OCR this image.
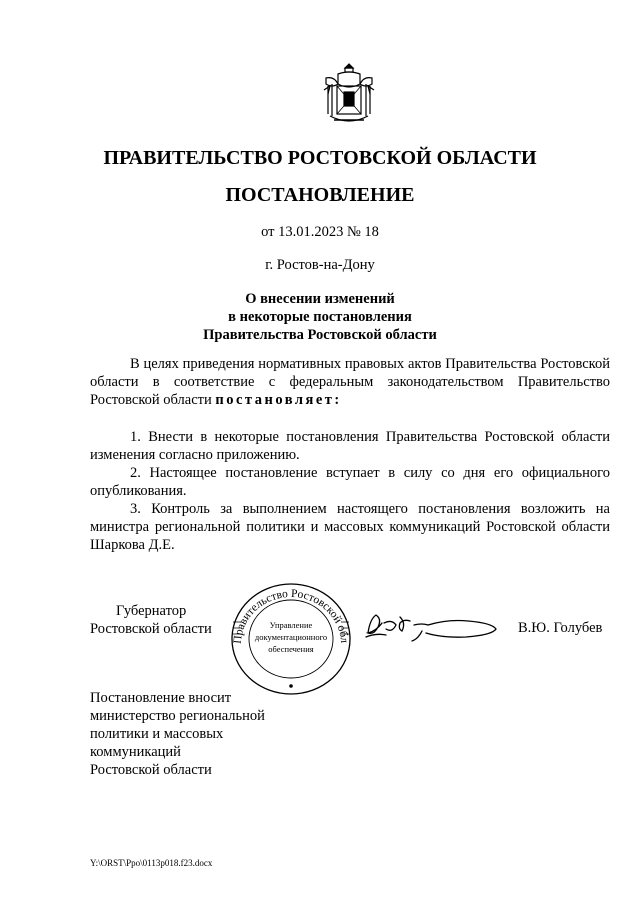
ПРАВИТЕЛЬСТВО РОСТОВСКОЙ ОБЛАСТИ
ПОСТАНОВЛЕНИЕ
от 13.01.2023 № 18
г. Ростов-на-Дону
О внесении изменений
в некоторые постановления
Правительства Ростовской области
В целях приведения нормативных правовых актов Правительства Ростовской области в соответствие с федеральным законодательством Правительство Ростовской области постановляет:
1. Внести в некоторые постановления Правительства Ростовской области изменения согласно приложению.
2. Настоящее постановление вступает в силу со дня его официального опубликования.
3. Контроль за выполнением настоящего постановления возложить на министра региональной политики и массовых коммуникаций Ростовской области Шаркова Д.Е.
Губернатор
Ростовской области
Правительство Ростовской обл
Управление
документационного
обеспечения
В.Ю. Голубев
Постановление вносит
министерство региональной
политики и массовых
коммуникаций
Ростовской области
Y:\ORST\Ppo\0113p018.f23.docx
